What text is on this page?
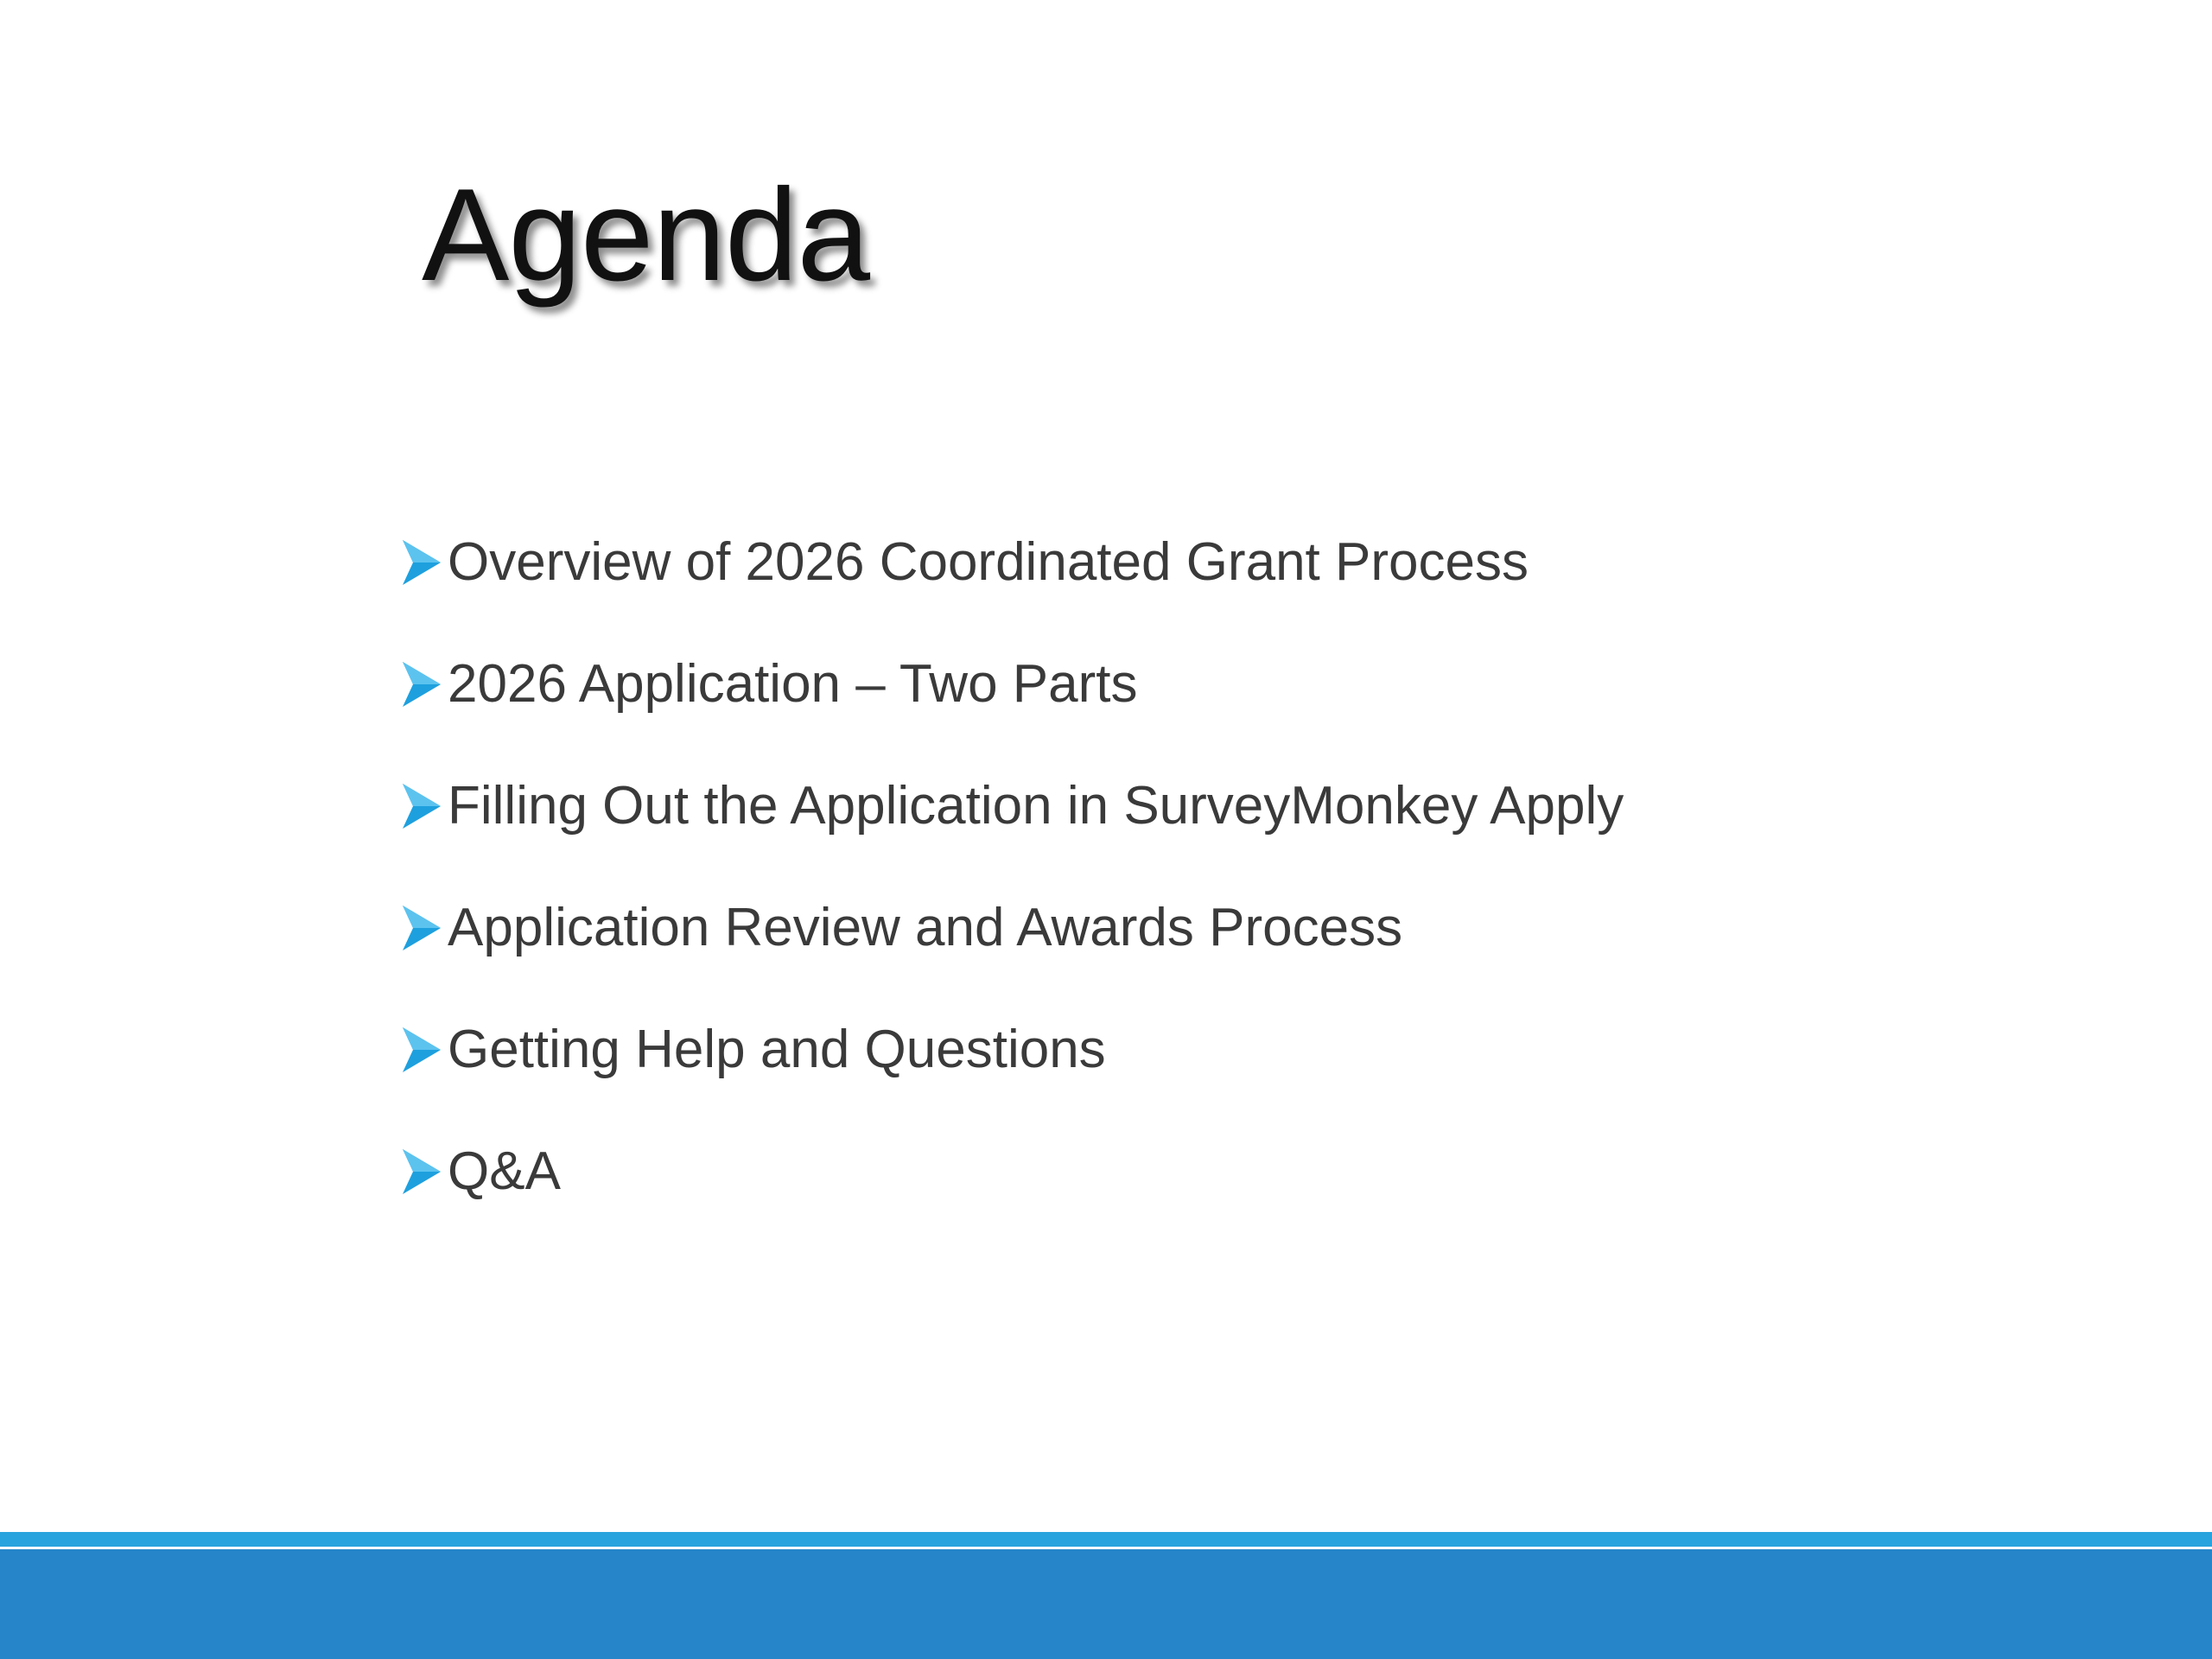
Agenda
Overview of 2026 Coordinated Grant Process
2026 Application – Two Parts
Filling Out the Application in SurveyMonkey Apply
Application Review and Awards Process
Getting Help and Questions
Q&A
